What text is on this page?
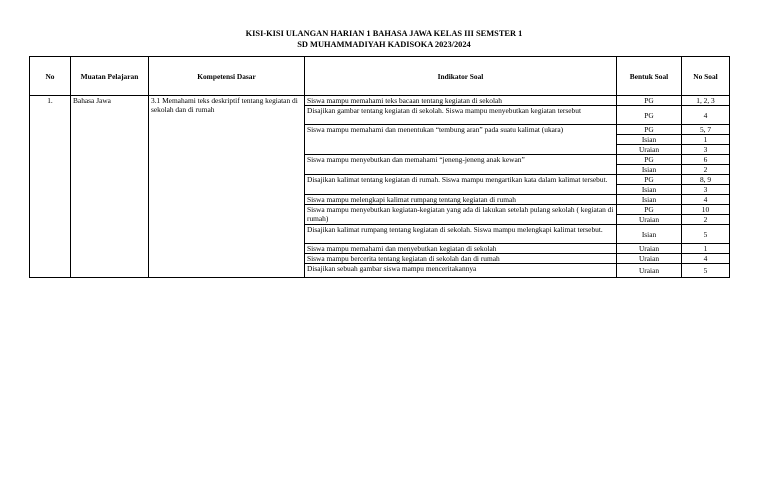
KISI-KISI ULANGAN HARIAN 1 BAHASA JAWA KELAS III SEMSTER 1
SD MUHAMMADIYAH KADISOKA 2023/2024
No	Muatan Pelajaran	Kompetensi Dasar	Indikator Soal	Bentuk Soal	No Soal
1.	Bahasa Jawa	3.1 Memahami teks deskriptif tentang kegiatan di sekolah dan di rumah	Siswa mampu memahami teks bacaan tentang kegiatan di sekolah	PG	1, 2, 3
			Disajikan gambar tentang kegiatan di sekolah. Siswa mampu menyebutkan kegiatan tersebut	PG	4
			Siswa mampu memahami dan menentukan “tembung aran” pada suatu kalimat (ukara)	PG	5, 7
				Isian	1
				Uraian	3
			Siswa mampu menyebutkan dan memahami “jeneng-jeneng anak kewan”	PG	6
				Isian	2
			Disajikan kalimat tentang kegiatan di rumah. Siswa mampu mengartikan kata dalam kalimat tersebut.	PG	8, 9
				Isian	3
			Siswa mampu melengkapi kalimat rumpang tentang kegiatan di rumah	Isian	4
			Siswa mampu menyebutkan kegiatan-kegiatan yang ada di lakukan setelah pulang sekolah ( kegiatan di rumah)	PG	10
				Uraian	2
			Disajikan kalimat rumpang tentang kegiatan di sekolah. Siswa mampu melengkapi kalimat tersebut.	Isian	5
			Siswa mampu memahami dan menyebutkan kegiatan di sekolah	Uraian	1
			Siswa mampu bercerita tentang kegiatan di sekolah dan di rumah	Uraian	4
			Disajikan sebuah gambar siswa mampu menceritakannya	Uraian	5
